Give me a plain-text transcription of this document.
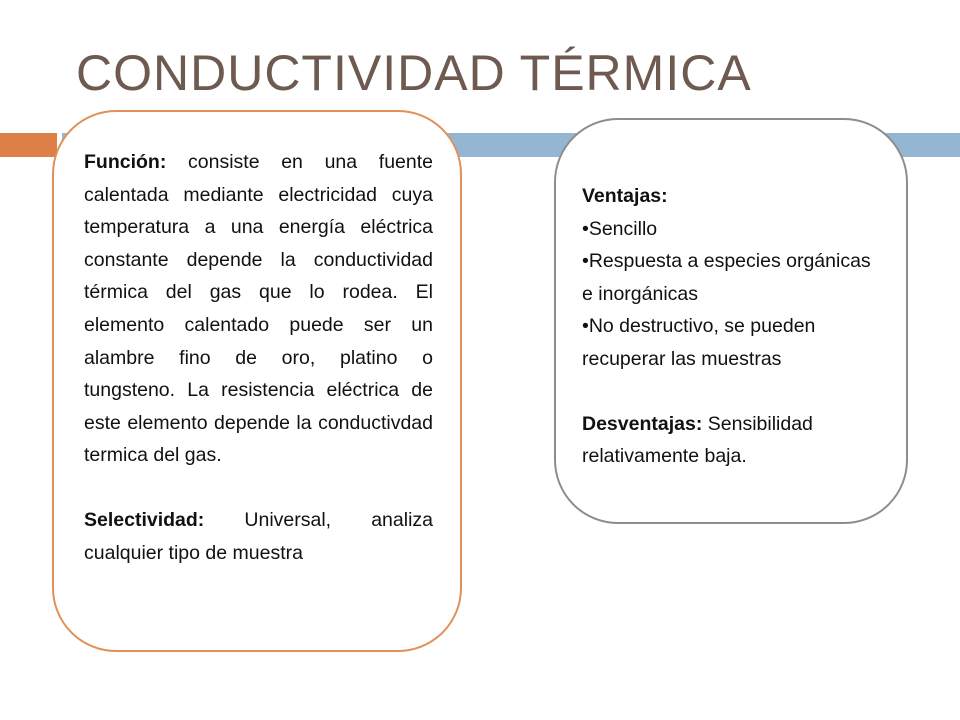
CONDUCTIVIDAD TÉRMICA

Función: consiste en una fuente calentada mediante electricidad cuya temperatura a una energía eléctrica constante depende la conductividad térmica del gas que lo rodea. El elemento calentado puede ser un alambre fino de oro, platino o tungsteno. La resistencia eléctrica de este elemento depende la conductivdad termica del gas.

Selectividad: Universal, analiza cualquier tipo de muestra

Ventajas:

•Sencillo

•Respuesta a especies orgánicas e inorgánicas

•No destructivo, se pueden recuperar las muestras

Desventajas: Sensibilidad relativamente baja.
